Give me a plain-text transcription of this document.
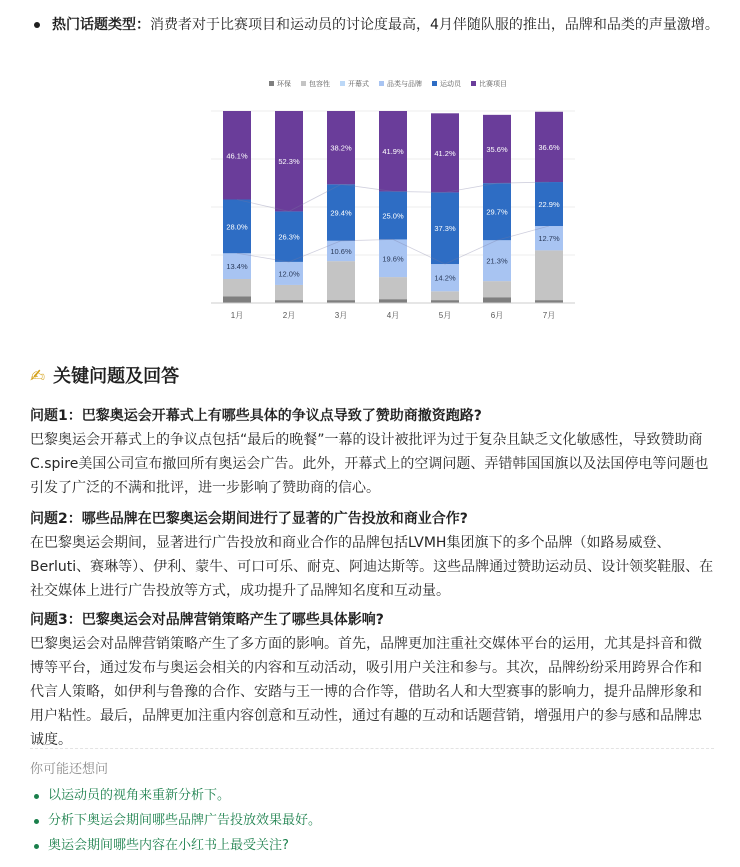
热门话题类型：消费者对于比赛项目和运动员的讨论度最高，4月伴随队服的推出，品牌和品类的声量激增。
环保	包容性	开幕式	品类与品牌	运动员	比赛项目
13.4%
28.0%
46.1%
1月
12.0%
26.3%
52.3%
2月
10.6%
29.4%
38.2%
3月
19.6%
25.0%
41.9%
4月
14.2%
37.3%
41.2%
5月
21.3%
29.7%
35.6%
6月
12.7%
22.9%
36.6%
7月
✍ 关键问题及回答
问题1：巴黎奥运会开幕式上有哪些具体的争议点导致了赞助商撤资跑路?
巴黎奥运会开幕式上的争议点包括“最后的晚餐”一幕的设计被批评为过于复杂且缺乏文化敏感性，导致赞助商C.spire美国公司宣布撤回所有奥运会广告。此外，开幕式上的空调问题、弄错韩国国旗以及法国停电等问题也引发了广泛的不满和批评，进一步影响了赞助商的信心。
问题2：哪些品牌在巴黎奥运会期间进行了显著的广告投放和商业合作?
在巴黎奥运会期间，显著进行广告投放和商业合作的品牌包括LVMH集团旗下的多个品牌（如路易威登、Berluti、赛琳等）、伊利、蒙牛、可口可乐、耐克、阿迪达斯等。这些品牌通过赞助运动员、设计领奖鞋服、在社交媒体上进行广告投放等方式，成功提升了品牌知名度和互动量。
问题3：巴黎奥运会对品牌营销策略产生了哪些具体影响?
巴黎奥运会对品牌营销策略产生了多方面的影响。首先，品牌更加注重社交媒体平台的运用，尤其是抖音和微博等平台，通过发布与奥运会相关的内容和互动活动，吸引用户关注和参与。其次，品牌纷纷采用跨界合作和代言人策略，如伊利与鲁豫的合作、安踏与王一博的合作等，借助名人和大型赛事的影响力，提升品牌形象和用户粘性。最后，品牌更加注重内容创意和互动性，通过有趣的互动和话题营销，增强用户的参与感和品牌忠诚度。
你可能还想问
以运动员的视角来重新分析下。
分析下奥运会期间哪些品牌广告投放效果最好。
奥运会期间哪些内容在小红书上最受关注?
